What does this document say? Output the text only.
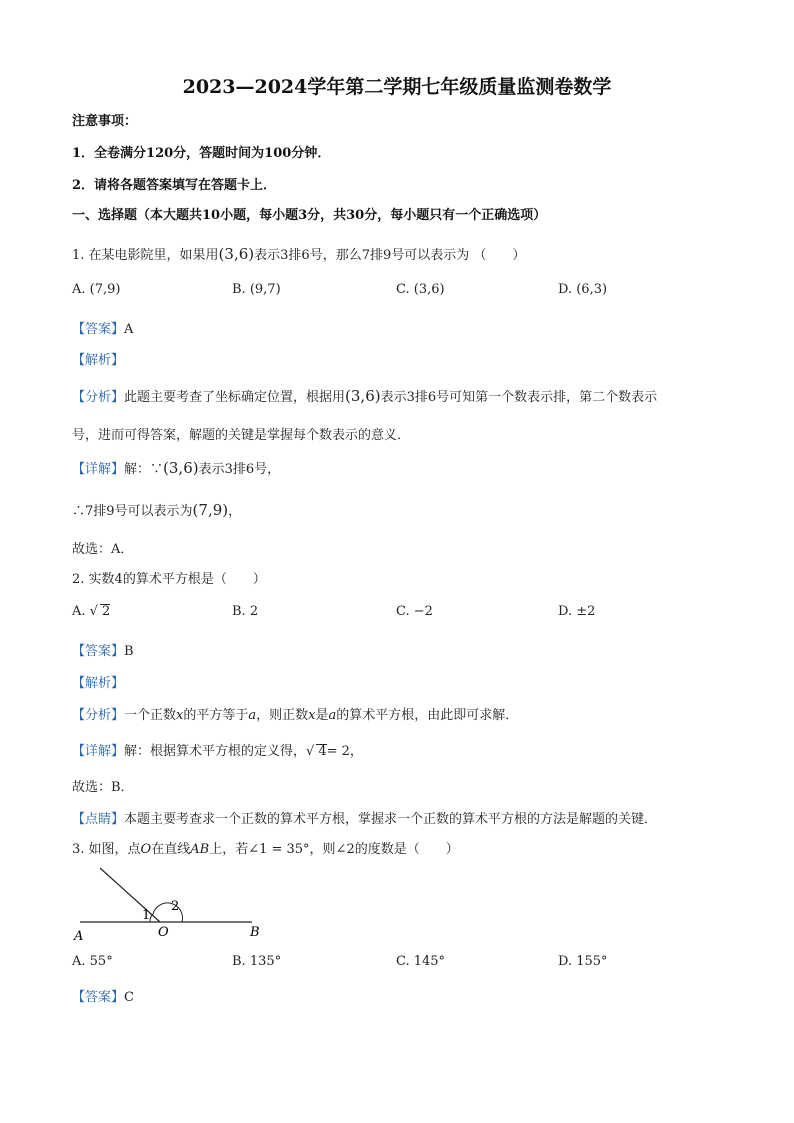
2023—2024学年第二学期七年级质量监测卷数学
注意事项：
1．全卷满分120分，答题时间为100分钟．
2．请将各题答案填写在答题卡上．
一、选择题（本大题共10小题，每小题3分，共30分，每小题只有一个正确选项）
1. 在某电影院里，如果用(3,6)表示3排6号，那么7排9号可以表示为 （　　）
A. (7,9)	B. (9,7)	C. (3,6)	D. (6,3)
【答案】A
【解析】
【分析】此题主要考查了坐标确定位置，根据用(3,6)表示3排6号可知第一个数表示排，第二个数表示
号，进而可得答案，解题的关键是掌握每个数表示的意义．
【详解】解：∵(3,6)表示3排6号，
∴7排9号可以表示为(7,9)，
故选：A．
2. 实数4的算术平方根是（　　）
A. √ 2	B. 2	C. −2	D. ±2
【答案】B
【解析】
【分析】一个正数x的平方等于a，则正数x是a的算术平方根，由此即可求解．
【详解】解：根据算术平方根的定义得，√ 4= 2，
故选：B．
【点睛】本题主要考查求一个正数的算术平方根，掌握求一个正数的算术平方根的方法是解题的关键．
3. 如图，点O在直线AB上，若∠1 = 35°，则∠2的度数是（　　）
1
2
A	O	B
A. 55°	B. 135°	C. 145°	D. 155°
【答案】C
